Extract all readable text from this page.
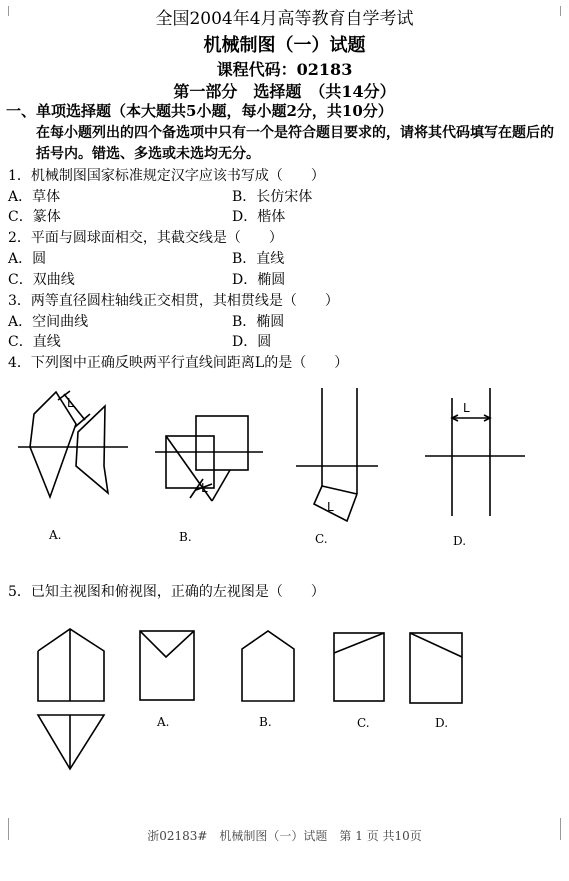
全国2004年4月高等教育自学考试
机械制图（一）试题
课程代码：02183
第一部分　选择题　（共14分）
一、单项选择题（本大题共5小题，每小题2分，共10分）
在每小题列出的四个备选项中只有一个是符合题目要求的，请将其代码填写在题后的
括号内。错选、多选或未选均无分。
1．机械制图国家标准规定汉字应该书写成（　　）
A．草体	B．长仿宋体
C．篆体	D．楷体
2．平面与圆球面相交，其截交线是（　　）
A．圆	B．直线
C．双曲线	D．椭圆
3．两等直径圆柱轴线正交相贯，其相贯线是（　　）
A．空间曲线	B．椭圆
C．直线	D．圆
4．下列图中正确反映两平行直线间距离L的是（　　）
A.	B.	C.	D.
L
L
L
L
5．已知主视图和俯视图，正确的左视图是（　　）
A.	B.	C.	D.
浙02183#　机械制图（一）试题　第 1 页 共10页
